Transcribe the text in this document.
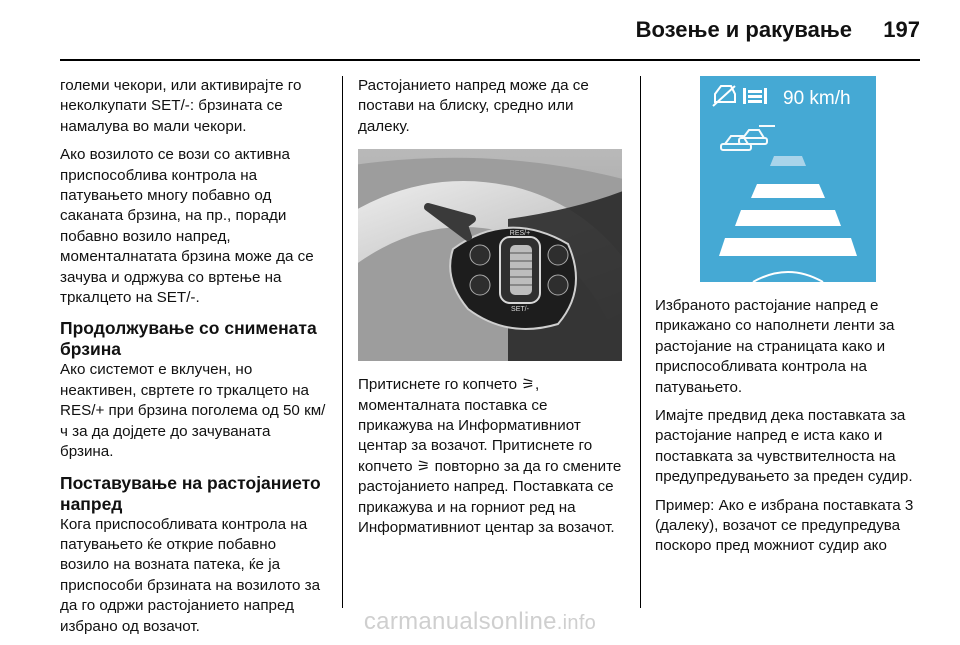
Возење и ракување 197

големи чекори, или активирајте го неколкупати SET/-: брзината се намалува во мали чекори.

Ако возилото се вози со активна приспособлива контрола на патувањето многу побавно од саканата брзина, на пр., поради побавно возило напред, моменталнатата брзина може да се зачува и одржува со вртење на тркалцето на SET/-.

Продолжување со снимената брзина

Ако системот е вклучен, но неактивен, свртете го тркалцето на RES/+ при брзина поголема од 50 км/ч за да дојдете до зачуваната брзина.

Поставување на растојанието напред

Кога приспособливата контрола на патувањето ќе открие побавно возило на возната патека, ќе ја приспособи брзината на возилото за да го одржи растојанието напред избрано од возачот.

Растојанието напред може да се постави на блиску, средно или далеку.

RES/+
SET/-

Притиснете го копчето ⚞, моменталната поставка се прикажува на Информативниот центар за возачот. Притиснете го копчето ⚞ повторно за да го смените растојанието напред. Поставката се прикажува и на горниот ред на Информативниот центар за возачот.

90 km/h

Избраното растојание напред е прикажано со наполнети ленти за растојание на страницата како и приспособливата контрола на патувањето.

Имајте предвид дека поставката за растојание напред е иста како и поставката за чувствителноста на предупредувањето за преден судир.

Пример: Ако е избрана поставката 3 (далеку), возачот се предупредува поскоро пред можниот судир ако

carmanualsonline.info
